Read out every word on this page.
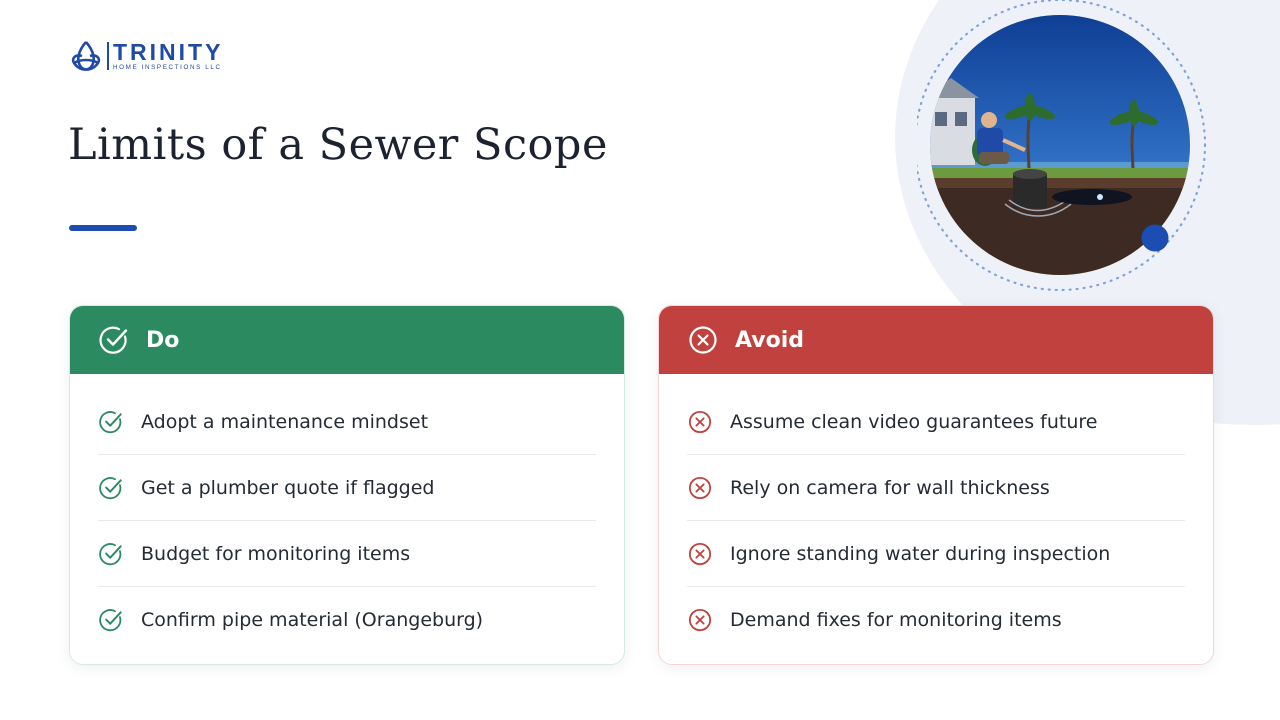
TRINITY
HOME INSPECTIONS LLC
Limits of a Sewer Scope
Do
Adopt a maintenance mindset
Get a plumber quote if flagged
Budget for monitoring items
Confirm pipe material (Orangeburg)
Avoid
Assume clean video guarantees future
Rely on camera for wall thickness
Ignore standing water during inspection
Demand fixes for monitoring items
